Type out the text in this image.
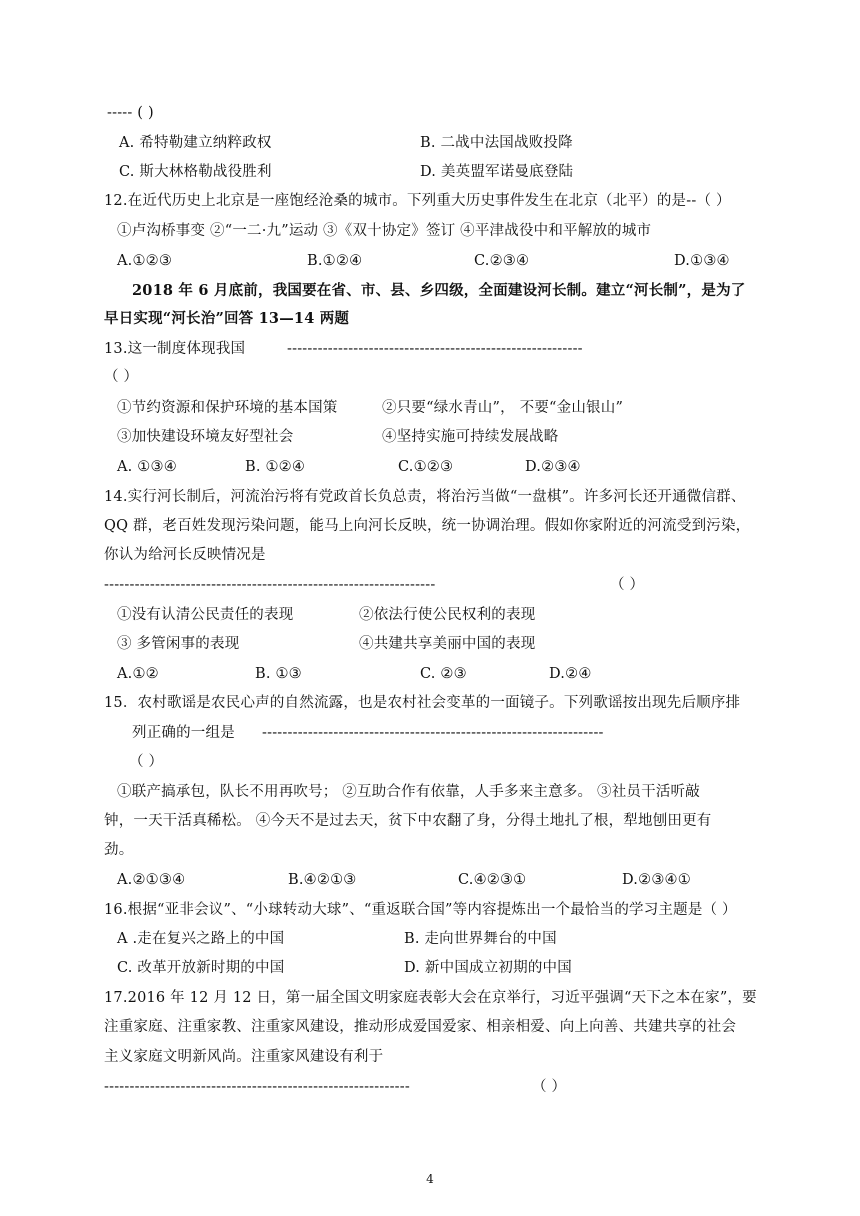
----- ( )
A. 希特勒建立纳粹政权	B. 二战中法国战败投降
C. 斯大林格勒战役胜利	D. 美英盟军诺曼底登陆
12.在近代历史上北京是一座饱经沧桑的城市。下列重大历史事件发生在北京（北平）的是--（ ）
①卢沟桥事变 ②“一二·九”运动 ③《双十协定》签订 ④平津战役中和平解放的城市
A.①②③	B.①②④	C.②③④	D.①③④
2018 年 6 月底前，我国要在省、市、县、乡四级，全面建设河长制。建立“河长制”，是为了
早日实现“河长治”回答 13—14 两题
13.这一制度体现我国	----------------------------------------------------------
（ ）
①节约资源和保护环境的基本国策	②只要“绿水青山”， 不要“金山银山”
③加快建设环境友好型社会	④坚持实施可持续发展战略
A. ①③④	B. ①②④	C.①②③	D.②③④
14.实行河长制后，河流治污将有党政首长负总责，将治污当做“一盘棋”。许多河长还开通微信群、
QQ 群，老百姓发现污染问题，能马上向河长反映，统一协调治理。假如你家附近的河流受到污染，
你认为给河长反映情况是
-----------------------------------------------------------------	（ ）
①没有认清公民责任的表现	②依法行使公民权利的表现
③ 多管闲事的表现	④共建共享美丽中国的表现
A.①②	B. ①③	C. ②③	D.②④
15．农村歌谣是农民心声的自然流露，也是农村社会变革的一面镜子。下列歌谣按出现先后顺序排
列正确的一组是 -------------------------------------------------------------------
（ ）
①联产搞承包，队长不用再吹号； ②互助合作有依靠，人手多来主意多。 ③社员干活听敲
钟，一天干活真稀松。 ④今天不是过去天，贫下中农翻了身，分得土地扎了根，犁地刨田更有
劲。
A.②①③④	B.④②①③	C.④②③①	D.②③④①
16.根据“亚非会议”、“小球转动大球”、“重返联合国”等内容提炼出一个最恰当的学习主题是（ ）
A .走在复兴之路上的中国	B. 走向世界舞台的中国
C. 改革开放新时期的中国	D. 新中国成立初期的中国
17.2016 年 12 月 12 日，第一届全国文明家庭表彰大会在京举行，习近平强调“天下之本在家”，要
注重家庭、注重家教、注重家风建设，推动形成爱国爱家、相亲相爱、向上向善、共建共享的社会
主义家庭文明新风尚。注重家风建设有利于
------------------------------------------------------------	（ ）
4
